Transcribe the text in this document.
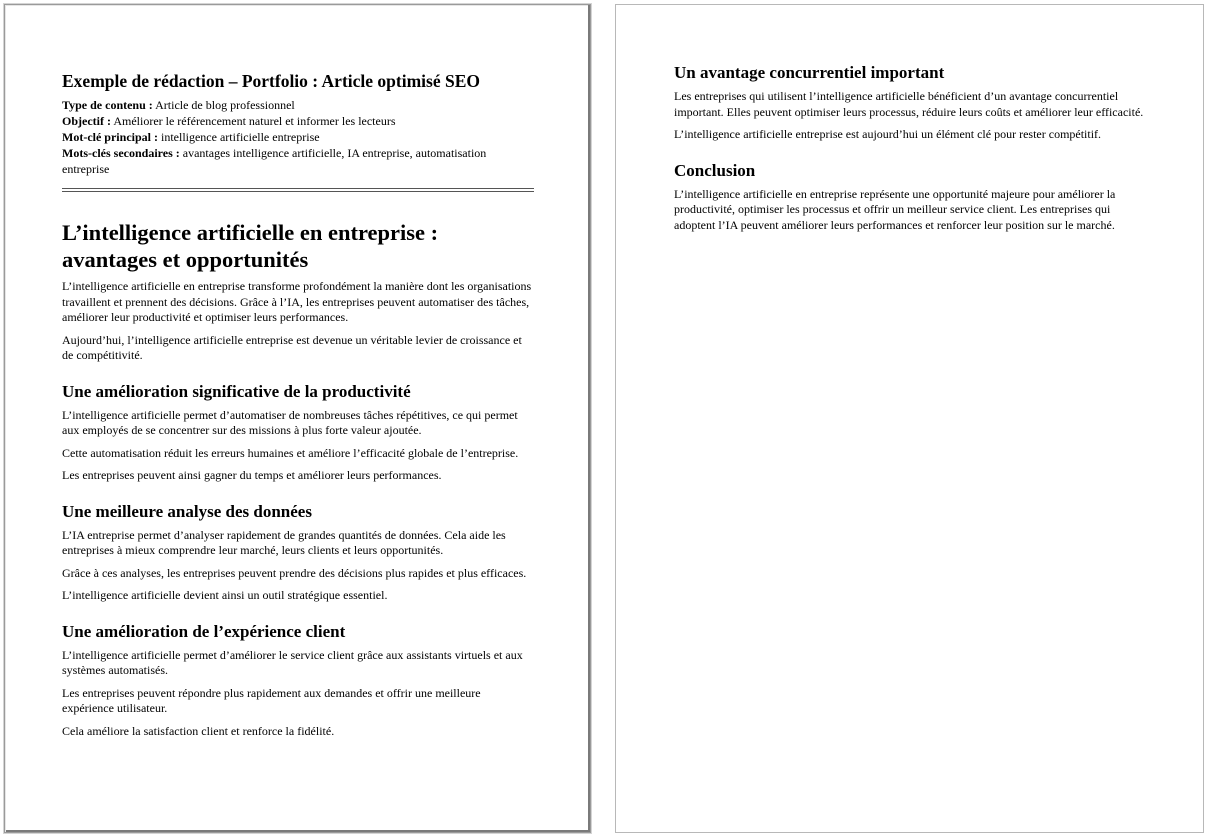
Exemple de rédaction – Portfolio : Article optimisé SEO

Type de contenu : Article de blog professionnel

Objectif : Améliorer le référencement naturel et informer les lecteurs

Mot-clé principal : intelligence artificielle entreprise

Mots-clés secondaires : avantages intelligence artificielle, IA entreprise, automatisation entreprise

L’intelligence artificielle en entreprise : avantages et opportunités

L’intelligence artificielle en entreprise transforme profondément la manière dont les organisations travaillent et prennent des décisions. Grâce à l’IA, les entreprises peuvent automatiser des tâches, améliorer leur productivité et optimiser leurs performances.

Aujourd’hui, l’intelligence artificielle entreprise est devenue un véritable levier de croissance et de compétitivité.

Une amélioration significative de la productivité

L’intelligence artificielle permet d’automatiser de nombreuses tâches répétitives, ce qui permet aux employés de se concentrer sur des missions à plus forte valeur ajoutée.

Cette automatisation réduit les erreurs humaines et améliore l’efficacité globale de l’entreprise.

Les entreprises peuvent ainsi gagner du temps et améliorer leurs performances.

Une meilleure analyse des données

L’IA entreprise permet d’analyser rapidement de grandes quantités de données. Cela aide les entreprises à mieux comprendre leur marché, leurs clients et leurs opportunités.

Grâce à ces analyses, les entreprises peuvent prendre des décisions plus rapides et plus efficaces.

L’intelligence artificielle devient ainsi un outil stratégique essentiel.

Une amélioration de l’expérience client

L’intelligence artificielle permet d’améliorer le service client grâce aux assistants virtuels et aux systèmes automatisés.

Les entreprises peuvent répondre plus rapidement aux demandes et offrir une meilleure expérience utilisateur.

Cela améliore la satisfaction client et renforce la fidélité.

Un avantage concurrentiel important

Les entreprises qui utilisent l’intelligence artificielle bénéficient d’un avantage concurrentiel important. Elles peuvent optimiser leurs processus, réduire leurs coûts et améliorer leur efficacité.

L’intelligence artificielle entreprise est aujourd’hui un élément clé pour rester compétitif.

Conclusion

L’intelligence artificielle en entreprise représente une opportunité majeure pour améliorer la productivité, optimiser les processus et offrir un meilleur service client. Les entreprises qui adoptent l’IA peuvent améliorer leurs performances et renforcer leur position sur le marché.
